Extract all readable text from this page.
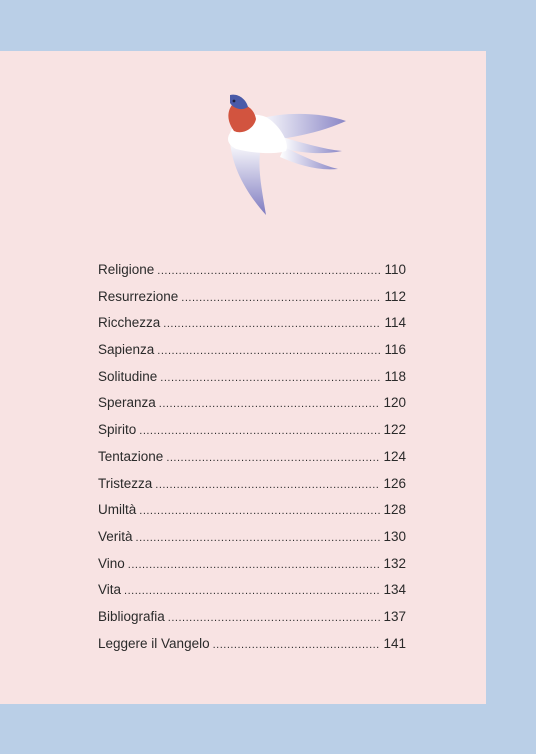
Religione .....	110
Resurrezione .....	112
Ricchezza .....	114
Sapienza .....	116
Solitudine .....	118
Speranza .....	120
Spirito .....	122
Tentazione .....	124
Tristezza .....	126
Umiltà .....	128
Verità .....	130
Vino .....	132
Vita .....	134
Bibliografia .....	137
Leggere il Vangelo .....	141
